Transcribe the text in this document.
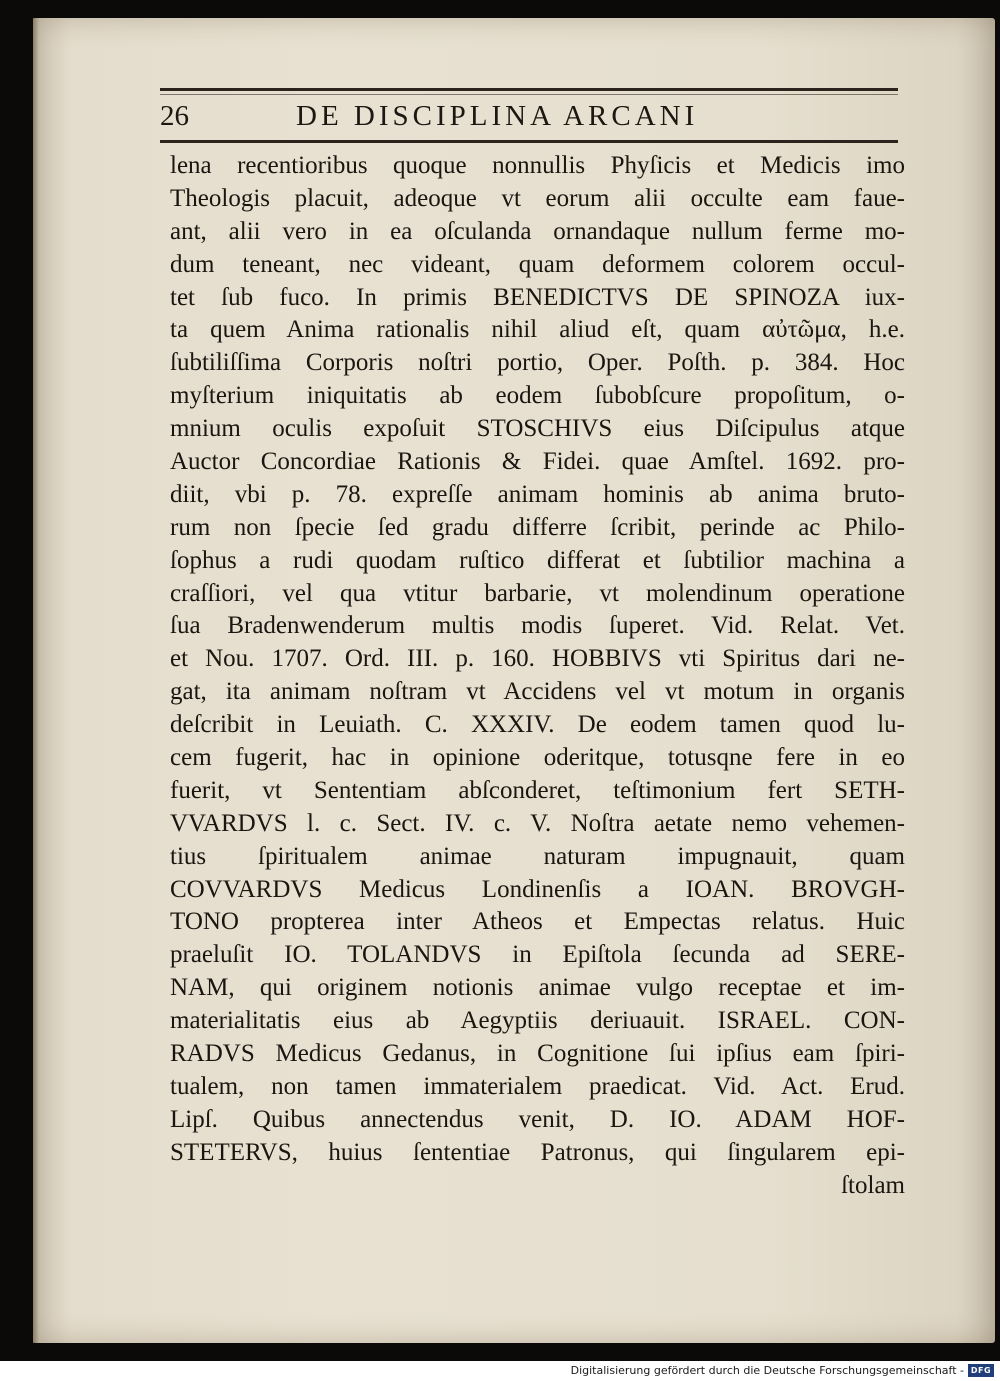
26	DE DISCIPLINA ARCANI
lena recentioribus quoque nonnullis Phyſicis et Medicis imo
Theologis placuit, adeoque vt eorum alii occulte eam faue-
ant, alii vero in ea oſculanda ornandaque nullum ferme mo-
dum teneant, nec videant, quam deformem colorem occul-
tet ſub fuco. In primis BENEDICTVS DE SPINOZA iux-
ta quem Anima rationalis nihil aliud eſt, quam αὐτῶμα, h.e.
ſubtiliſſima Corporis noſtri portio, Oper. Poſth. p. 384. Hoc
myſterium iniquitatis ab eodem ſubobſcure propoſitum, o-
mnium oculis expoſuit STOSCHIVS eius Diſcipulus atque
Auctor Concordiae Rationis & Fidei. quae Amſtel. 1692. pro-
diit, vbi p. 78. expreſſe animam hominis ab anima bruto-
rum non ſpecie ſed gradu differre ſcribit, perinde ac Philo-
ſophus a rudi quodam ruſtico differat et ſubtilior machina a
craſſiori, vel qua vtitur barbarie, vt molendinum operatione
ſua Bradenwenderum multis modis ſuperet. Vid. Relat. Vet.
et Nou. 1707. Ord. III. p. 160. HOBBIVS vti Spiritus dari ne-
gat, ita animam noſtram vt Accidens vel vt motum in organis
deſcribit in Leuiath. C. XXXIV. De eodem tamen quod lu-
cem fugerit, hac in opinione oderitque, totusqne fere in eo
fuerit, vt Sententiam abſconderet, teſtimonium fert SETH-
VVARDVS l. c. Sect. IV. c. V. Noſtra aetate nemo vehemen-
tius ſpiritualem animae naturam impugnauit, quam
COVVARDVS Medicus Londinenſis a IOAN. BROVGH-
TONO propterea inter Atheos et Empectas relatus. Huic
praeluſit IO. TOLANDVS in Epiſtola ſecunda ad SERE-
NAM, qui originem notionis animae vulgo receptae et im-
materialitatis eius ab Aegyptiis deriuauit. ISRAEL. CON-
RADVS Medicus Gedanus, in Cognitione ſui ipſius eam ſpiri-
tualem, non tamen immaterialem praedicat. Vid. Act. Erud.
Lipſ. Quibus annectendus venit, D. IO. ADAM HOF-
STETERVS, huius ſententiae Patronus, qui ſingularem epi-
ſtolam
Digitalisierung gefördert durch die Deutsche Forschungsgemeinschaft - DFG
